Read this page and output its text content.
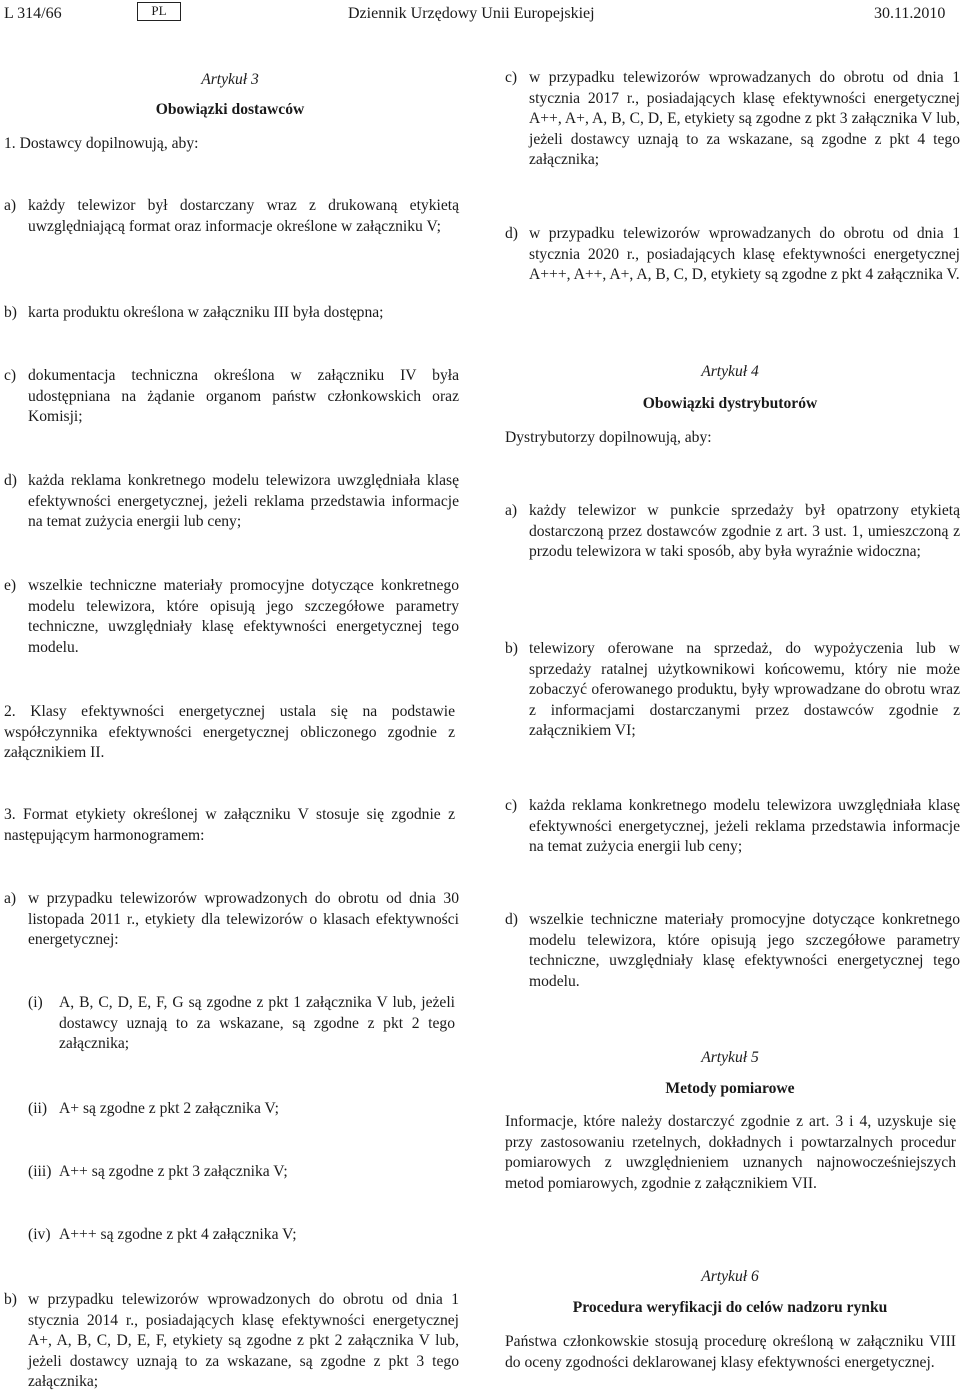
L 314/66	PL	Dziennik Urzędowy Unii Europejskiej	30.11.2010
Artykuł 3
Obowiązki dostawców
1. Dostawcy dopilnowują, aby:
a) każdy telewizor był dostarczany wraz z drukowaną etykietą uwzględniającą format oraz informacje określone w załączniku V;
b) karta produktu określona w załączniku III była dostępna;
c) dokumentacja techniczna określona w załączniku IV była udostępniana na żądanie organom państw członkowskich oraz Komisji;
d) każda reklama konkretnego modelu telewizora uwzględniała klasę efektywności energetycznej, jeżeli reklama przedstawia informacje na temat zużycia energii lub ceny;
e) wszelkie techniczne materiały promocyjne dotyczące konkretnego modelu telewizora, które opisują jego szczegółowe parametry techniczne, uwzględniały klasę efektywności energetycznej tego modelu.
2. Klasy efektywności energetycznej ustala się na podstawie współczynnika efektywności energetycznej obliczonego zgodnie z załącznikiem II.
3. Format etykiety określonej w załączniku V stosuje się zgodnie z następującym harmonogramem:
a) w przypadku telewizorów wprowadzonych do obrotu od dnia 30 listopada 2011 r., etykiety dla telewizorów o klasach efektywności energetycznej:
(i) A, B, C, D, E, F, G są zgodne z pkt 1 załącznika V lub, jeżeli dostawcy uznają to za wskazane, są zgodne z pkt 2 tego załącznika;
(ii) A+ są zgodne z pkt 2 załącznika V;
(iii) A++ są zgodne z pkt 3 załącznika V;
(iv) A+++ są zgodne z pkt 4 załącznika V;
b) w przypadku telewizorów wprowadzonych do obrotu od dnia 1 stycznia 2014 r., posiadających klasę efektywności energetycznej A+, A, B, C, D, E, F, etykiety są zgodne z pkt 2 załącznika V lub, jeżeli dostawcy uznają to za wskazane, są zgodne z pkt 3 tego załącznika;
c) w przypadku telewizorów wprowadzanych do obrotu od dnia 1 stycznia 2017 r., posiadających klasę efektywności energetycznej A++, A+, A, B, C, D, E, etykiety są zgodne z pkt 3 załącznika V lub, jeżeli dostawcy uznają to za wskazane, są zgodne z pkt 4 tego załącznika;
d) w przypadku telewizorów wprowadzanych do obrotu od dnia 1 stycznia 2020 r., posiadających klasę efektywności energetycznej A+++, A++, A+, A, B, C, D, etykiety są zgodne z pkt 4 załącznika V.
Artykuł 4
Obowiązki dystrybutorów
Dystrybutorzy dopilnowują, aby:
a) każdy telewizor w punkcie sprzedaży był opatrzony etykietą dostarczoną przez dostawców zgodnie z art. 3 ust. 1, umieszczoną z przodu telewizora w taki sposób, aby była wyraźnie widoczna;
b) telewizory oferowane na sprzedaż, do wypożyczenia lub w sprzedaży ratalnej użytkownikowi końcowemu, który nie może zobaczyć oferowanego produktu, były wprowadzane do obrotu wraz z informacjami dostarczanymi przez dostawców zgodnie z załącznikiem VI;
c) każda reklama konkretnego modelu telewizora uwzględniała klasę efektywności energetycznej, jeżeli reklama przedstawia informacje na temat zużycia energii lub ceny;
d) wszelkie techniczne materiały promocyjne dotyczące konkretnego modelu telewizora, które opisują jego szczegółowe parametry techniczne, uwzględniały klasę efektywności energetycznej tego modelu.
Artykuł 5
Metody pomiarowe
Informacje, które należy dostarczyć zgodnie z art. 3 i 4, uzyskuje się przy zastosowaniu rzetelnych, dokładnych i powtarzalnych procedur pomiarowych z uwzględnieniem uznanych najnowocześniejszych metod pomiarowych, zgodnie z załącznikiem VII.
Artykuł 6
Procedura weryfikacji do celów nadzoru rynku
Państwa członkowskie stosują procedurę określoną w załączniku VIII do oceny zgodności deklarowanej klasy efektywności energetycznej.
